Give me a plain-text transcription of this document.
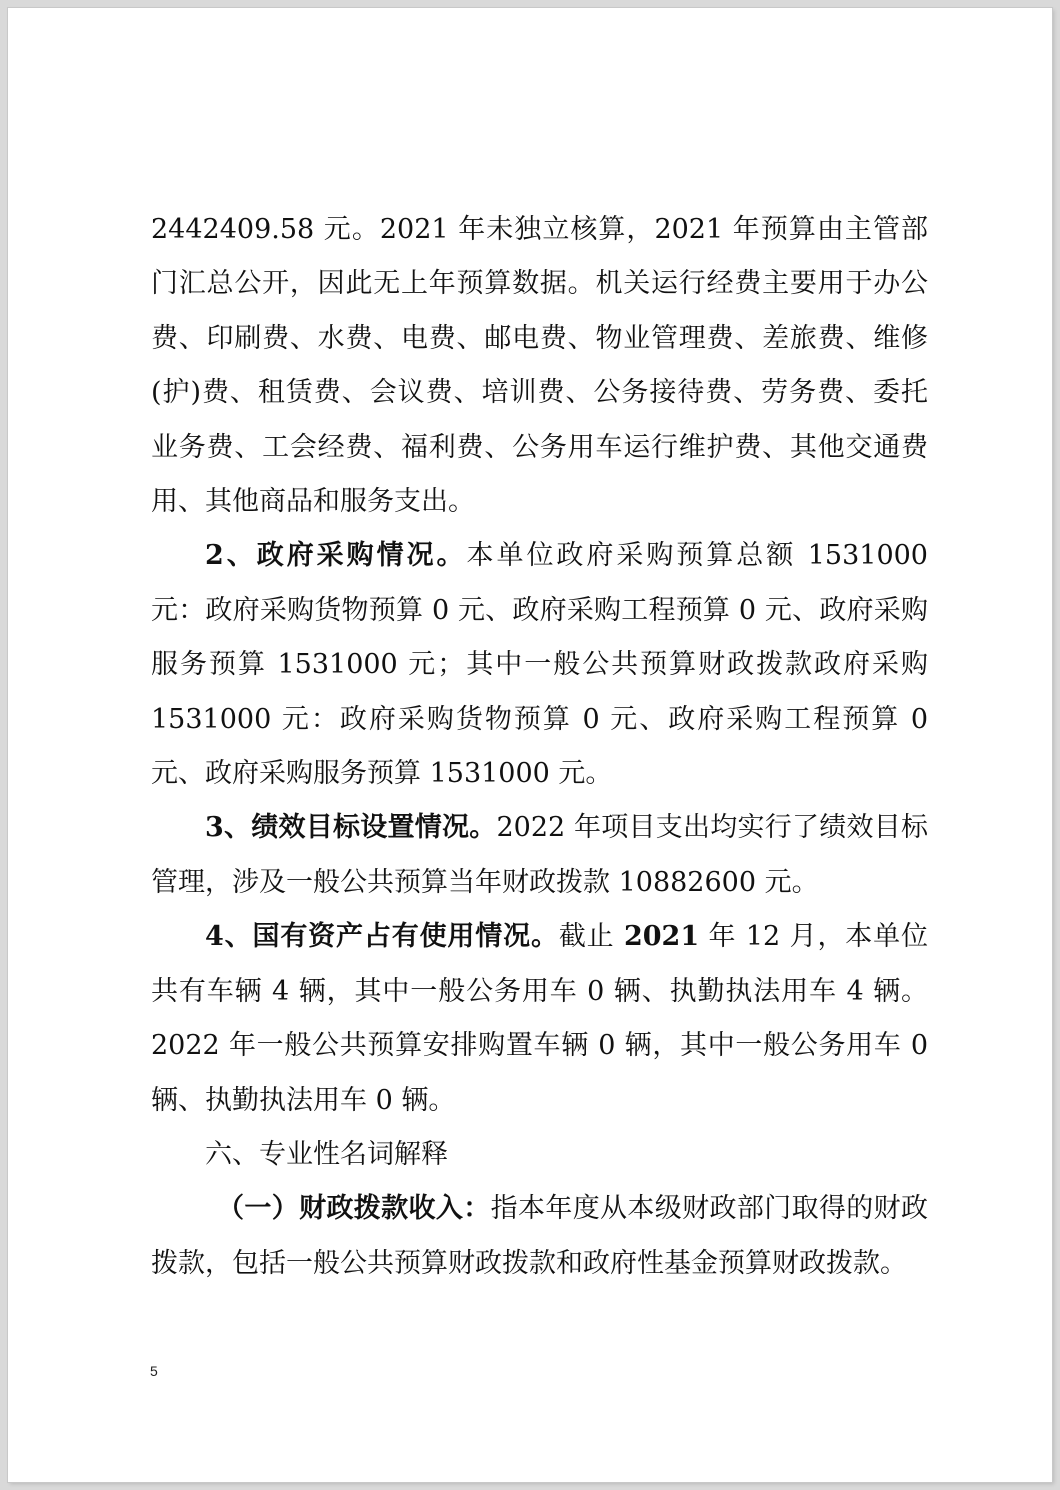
2442409.58 元。2021 年未独立核算，2021 年预算由主管部门汇总公开，因此无上年预算数据。机关运行经费主要用于办公费、印刷费、水费、电费、邮电费、物业管理费、差旅费、维修(护)费、租赁费、会议费、培训费、公务接待费、劳务费、委托业务费、工会经费、福利费、公务用车运行维护费、其他交通费用、其他商品和服务支出。

2、政府采购情况。本单位政府采购预算总额 1531000 元：政府采购货物预算 0 元、政府采购工程预算 0 元、政府采购服务预算 1531000 元；其中一般公共预算财政拨款政府采购 1531000 元：政府采购货物预算 0 元、政府采购工程预算 0 元、政府采购服务预算 1531000 元。

3、绩效目标设置情况。2022 年项目支出均实行了绩效目标管理，涉及一般公共预算当年财政拨款 10882600 元。

4、国有资产占有使用情况。截止 2021 年 12 月，本单位共有车辆 4 辆，其中一般公务用车 0 辆、执勤执法用车 4 辆。2022 年一般公共预算安排购置车辆 0 辆，其中一般公务用车 0 辆、执勤执法用车 0 辆。

六、专业性名词解释

（一）财政拨款收入：指本年度从本级财政部门取得的财政拨款，包括一般公共预算财政拨款和政府性基金预算财政拨款。

5
